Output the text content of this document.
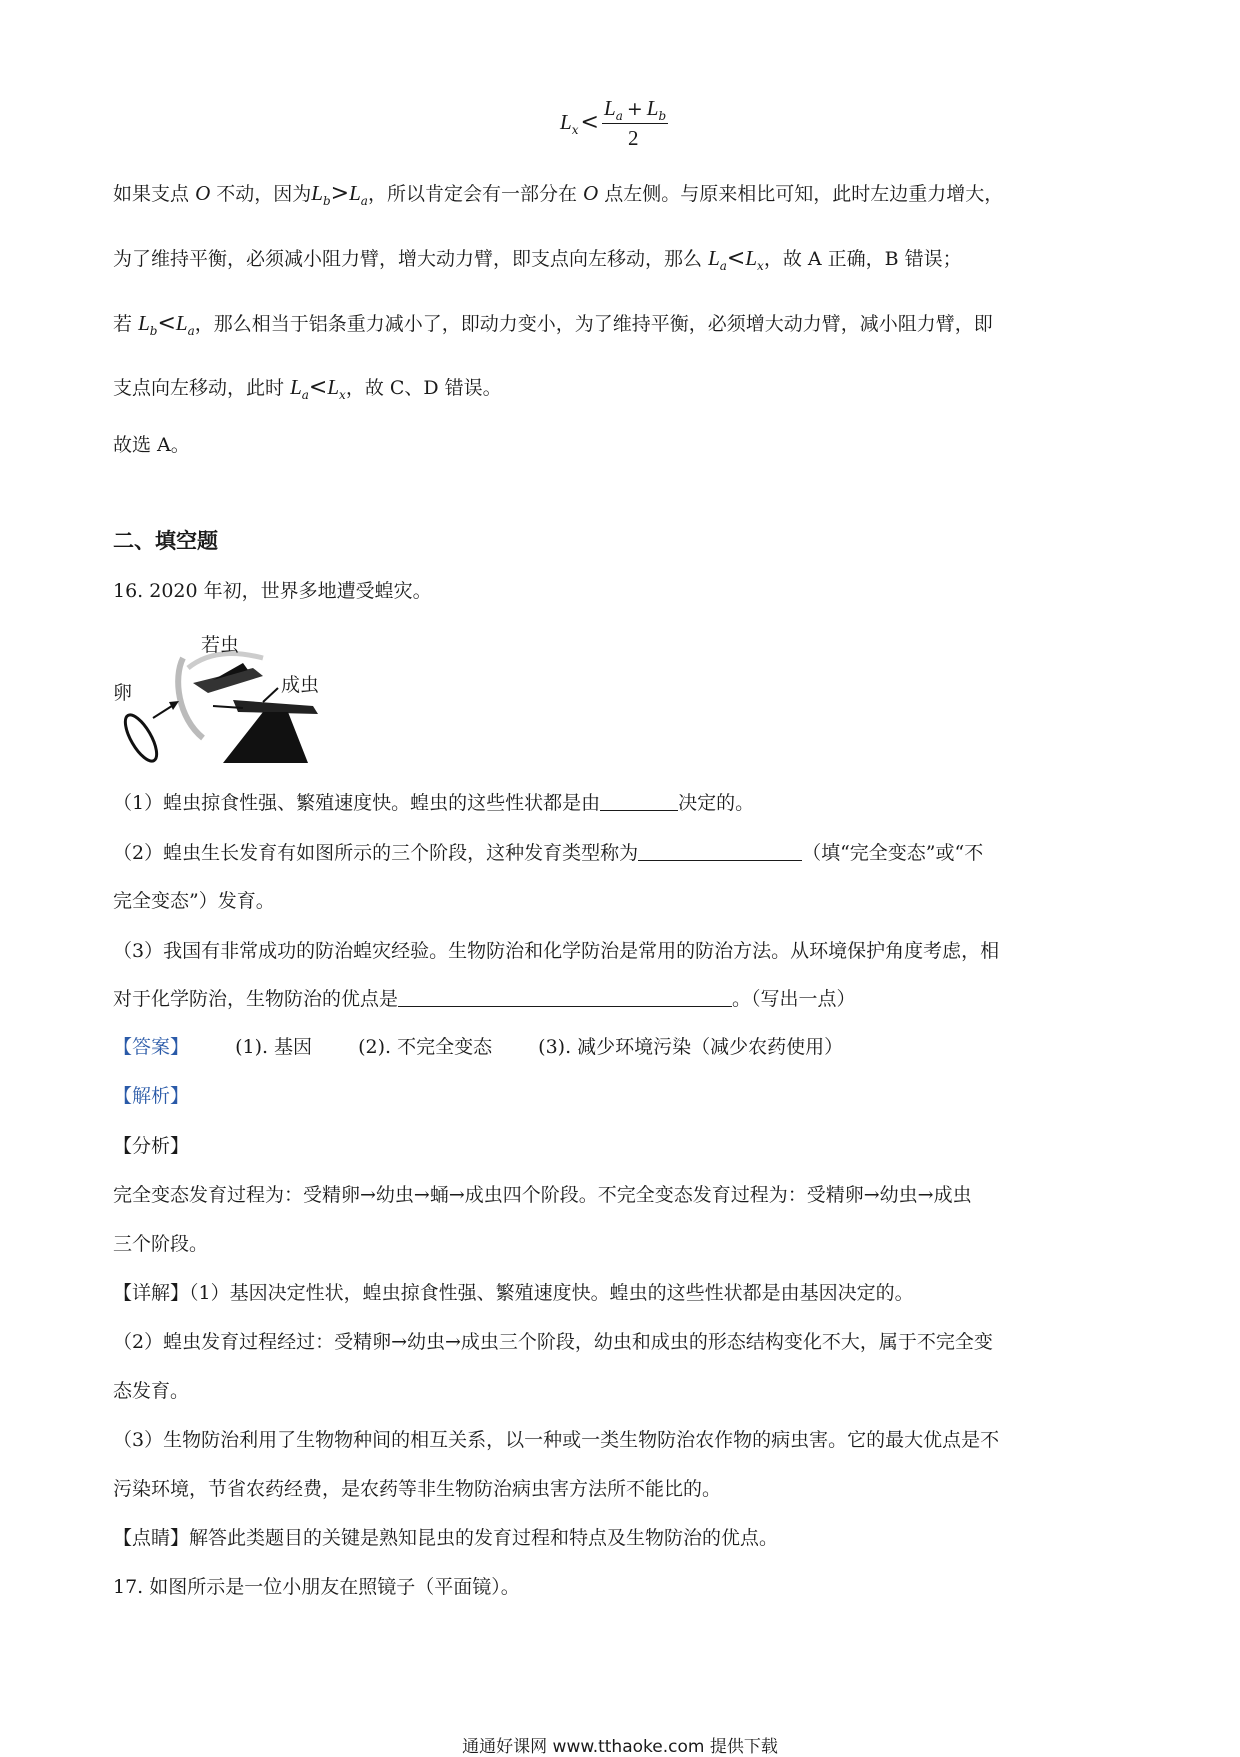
$L_x<$
$L_a + L_b$
2
如果支点 O 不动，因为$L_b>L_a$，所以肯定会有一部分在 O 点左侧。与原来相比可知，此时左边重力增大，
为了维持平衡，必须减小阻力臂，增大动力臂，即支点向左移动，那么 $L_a<L_x$，故 A 正确，B 错误；
若 $L_b<L_a$，那么相当于铝条重力减小了，即动力变小，为了维持平衡，必须增大动力臂，减小阻力臂，即
支点向左移动，此时 $L_a<L_x$，故 C、D 错误。
故选 A。
二、填空题
16. 2020 年初，世界多地遭受蝗灾。
若虫
卵	成虫
（1）蝗虫掠食性强、繁殖速度快。蝗虫的这些性状都是由	决定的。
（2）蝗虫生长发育有如图所示的三个阶段，这种发育类型称为	（填“完全变态”或“不
完全变态”）发育。
（3）我国有非常成功的防治蝗灾经验。生物防治和化学防治是常用的防治方法。从环境保护角度考虑，相
对于化学防治，生物防治的优点是	。（写出一点）
【答案】 (1). 基因 (2). 不完全变态 (3). 减少环境污染（减少农药使用）
【解析】
【分析】
完全变态发育过程为：受精卵→幼虫→蛹→成虫四个阶段。不完全变态发育过程为：受精卵→幼虫→成虫
三个阶段。
【详解】（1）基因决定性状，蝗虫掠食性强、繁殖速度快。蝗虫的这些性状都是由基因决定的。
（2）蝗虫发育过程经过：受精卵→幼虫→成虫三个阶段，幼虫和成虫的形态结构变化不大，属于不完全变
态发育。
（3）生物防治利用了生物物种间的相互关系，以一种或一类生物防治农作物的病虫害。它的最大优点是不
污染环境，节省农药经费，是农药等非生物防治病虫害方法所不能比的。
【点睛】解答此类题目的关键是熟知昆虫的发育过程和特点及生物防治的优点。
17. 如图所示是一位小朋友在照镜子（平面镜）。
通通好课网 www.tthaoke.com 提供下载
